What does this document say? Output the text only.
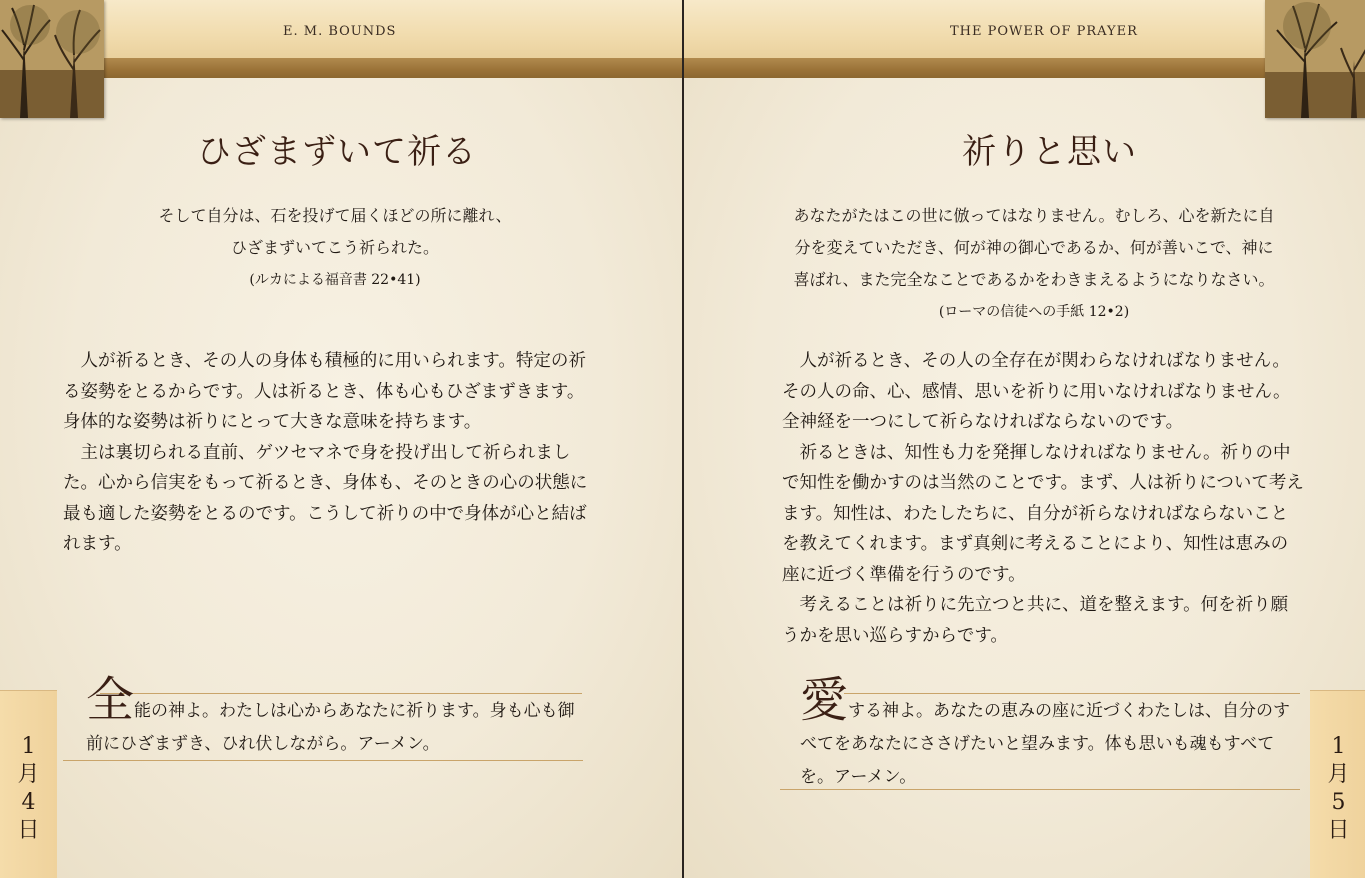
E. M. BOUNDS
ひざまずいて祈る
そして自分は、石を投げて届くほどの所に離れ、
ひざまずいてこう祈られた。
(ルカによる福音書 22•41)

人が祈るとき、その人の身体も積極的に用いられます。特定の祈る姿勢をとるからです。人は祈るとき、体も心もひざまずきます。身体的な姿勢は祈りにとって大きな意味を持ちます。

主は裏切られる直前、ゲツセマネで身を投げ出して祈られました。心から信実をもって祈るとき、身体も、そのときの心の状態に最も適した姿勢をとるのです。こうして祈りの中で身体が心と結ばれます。

全能の神よ。わたしは心からあなたに祈ります。身も心も御前にひざまずき、ひれ伏しながら。アーメン。
1
月
4
日
THE POWER OF PRAYER
祈りと思い
あなたがたはこの世に倣ってはなりません。むしろ、心を新たに自
分を変えていただき、何が神の御心であるか、何が善いこで、神に
喜ばれ、また完全なことであるかをわきまえるようになりなさい。
(ローマの信徒への手紙 12•2)

人が祈るとき、その人の全存在が関わらなければなりません。その人の命、心、感情、思いを祈りに用いなければなりません。全神経を一つにして祈らなければならないのです。

祈るときは、知性も力を発揮しなければなりません。祈りの中で知性を働かすのは当然のことです。まず、人は祈りについて考えます。知性は、わたしたちに、自分が祈らなければならないことを教えてくれます。まず真剣に考えることにより、知性は恵みの座に近づく準備を行うのです。

考えることは祈りに先立つと共に、道を整えます。何を祈り願うかを思い巡らすからです。

愛する神よ。あなたの恵みの座に近づくわたしは、自分のすべてをあなたにささげたいと望みます。体も思いも魂もすべてを。アーメン。
1
月
5
日
